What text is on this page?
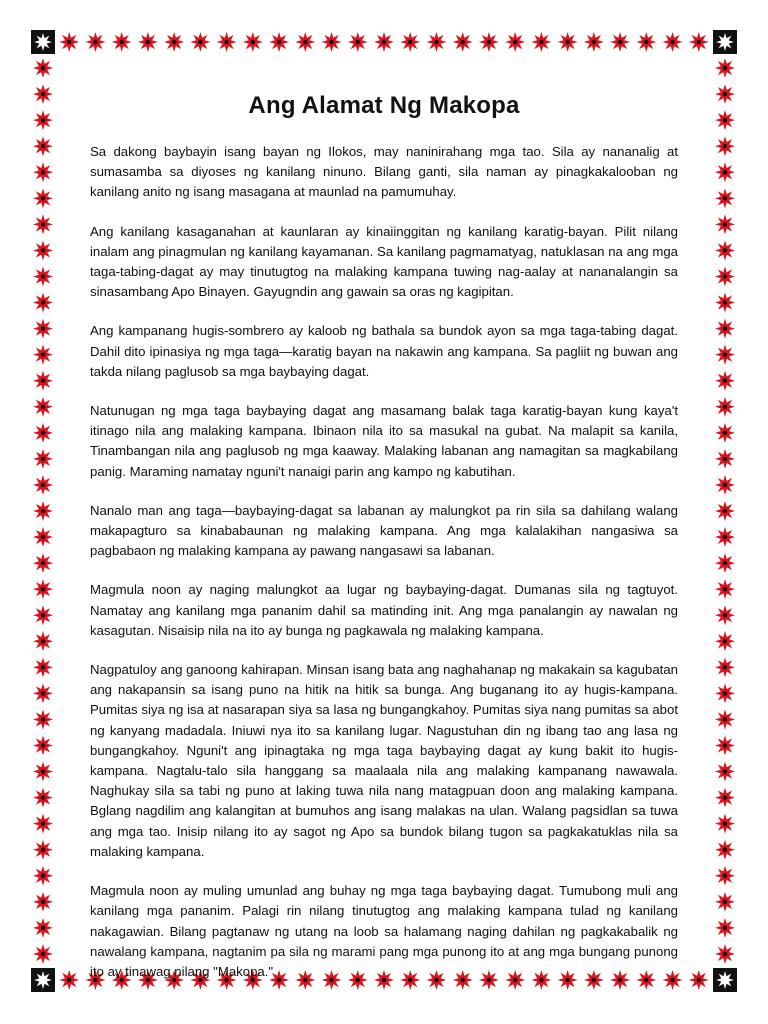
Ang Alamat Ng Makopa

Sa dakong baybayin isang bayan ng Ilokos, may naninirahang mga tao. Sila ay nananalig at sumasamba sa diyoses ng kanilang ninuno. Bilang ganti, sila naman ay pinagkakalooban ng kanilang anito ng isang masagana at maunlad na pamumuhay.

Ang kanilang kasaganahan at kaunlaran ay kinaiinggitan ng kanilang karatig-bayan. Pilit nilang inalam ang pinagmulan ng kanilang kayamanan. Sa kanilang pagmamatyag, natuklasan na ang mga taga-tabing-dagat ay may tinutugtog na malaking kampana tuwing nag-aalay at nananalangin sa sinasambang Apo Binayen. Gayugndin ang gawain sa oras ng kagipitan.

Ang kampanang hugis-sombrero ay kaloob ng bathala sa bundok ayon sa mga taga-tabing dagat. Dahil dito ipinasiya ng mga taga—karatig bayan na nakawin ang kampana. Sa pagliit ng buwan ang takda nilang paglusob sa mga baybaying dagat.

Natunugan ng mga taga baybaying dagat ang masamang balak taga karatig-bayan kung kaya't itinago nila ang malaking kampana. Ibinaon nila ito sa masukal na gubat. Na malapit sa kanila, Tinambangan nila ang paglusob ng mga kaaway. Malaking labanan ang namagitan sa magkabilang panig. Maraming namatay nguni't nanaigi parin ang kampo ng kabutihan.

Nanalo man ang taga—baybaying-dagat sa labanan ay malungkot pa rin sila sa dahilang walang makapagturo sa kinababaunan ng malaking kampana. Ang mga kalalakihan nangasiwa sa pagbabaon ng malaking kampana ay pawang nangasawi sa labanan.

Magmula noon ay naging malungkot aa lugar ng baybaying-dagat. Dumanas sila ng tagtuyot. Namatay ang kanilang mga pananim dahil sa matinding init. Ang mga panalangin ay nawalan ng kasagutan. Nisaisip nila na ito ay bunga ng pagkawala ng malaking kampana.

Nagpatuloy ang ganoong kahirapan. Minsan isang bata ang naghahanap ng makakain sa kagubatan ang nakapansin sa isang puno na hitik na hitik sa bunga. Ang buganang ito ay hugis-kampana. Pumitas siya ng isa at nasarapan siya sa lasa ng bungangkahoy. Pumitas siya nang pumitas sa abot ng kanyang madadala. Iniuwi nya ito sa kanilang lugar. Nagustuhan din ng ibang tao ang lasa ng bungangkahoy. Nguni't ang ipinagtaka ng mga taga baybaying dagat ay kung bakit ito hugis-kampana. Nagtalu-talo sila hanggang sa maalaala nila ang malaking kampanang nawawala. Naghukay sila sa tabi ng puno at laking tuwa nila nang matagpuan doon ang malaking kampana. Bglang nagdilim ang kalangitan at bumuhos ang isang malakas na ulan. Walang pagsidlan sa tuwa ang mga tao. Inisip nilang ito ay sagot ng Apo sa bundok bilang tugon sa pagkakatuklas nila sa malaking kampana.

Magmula noon ay muling umunlad ang buhay ng mga taga baybaying dagat. Tumubong muli ang kanilang mga pananim. Palagi rin nilang tinutugtog ang malaking kampana tulad ng kanilang nakagawian. Bilang pagtanaw ng utang na loob sa halamang naging dahilan ng pagkakabalik ng nawalang kampana, nagtanim pa sila ng marami pang mga punong ito at ang mga bungang punong ito ay tinawag nilang "Makopa."
